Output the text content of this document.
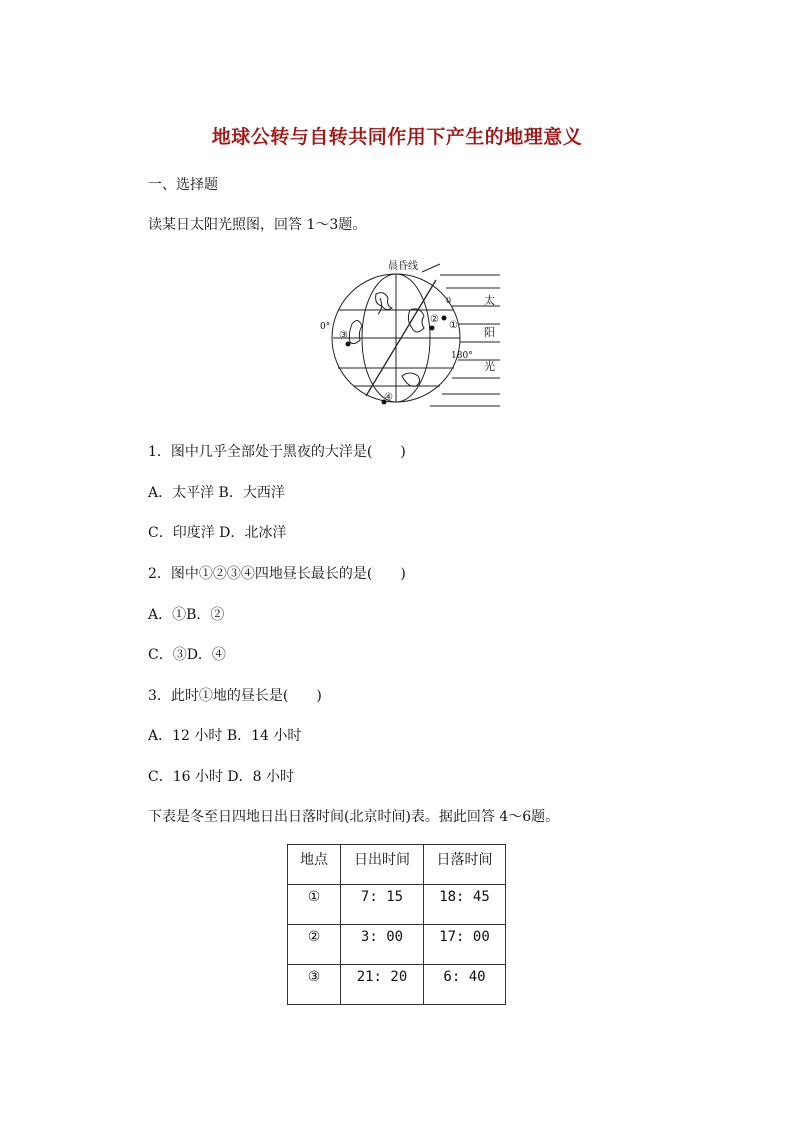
地球公转与自转共同作用下产生的地理意义
一、选择题
读某日太阳光照图，回答 1～3题。
晨昏线
0°
180°
太
阳
光
①
②
③
④
0
1．图中几乎全部处于黑夜的大洋是(　　)
A．太平洋 B．大西洋
C．印度洋 D．北冰洋
2．图中①②③④四地昼长最长的是(　　)
A．①B．②
C．③D．④
3．此时①地的昼长是(　　)
A．12 小时 B．14 小时
C．16 小时 D．8 小时
下表是冬至日四地日出日落时间(北京时间)表。据此回答 4～6题。
地点	日出时间	日落时间
①	7: 15	18: 45
②	3: 00	17: 00
③	21: 20	6: 40
